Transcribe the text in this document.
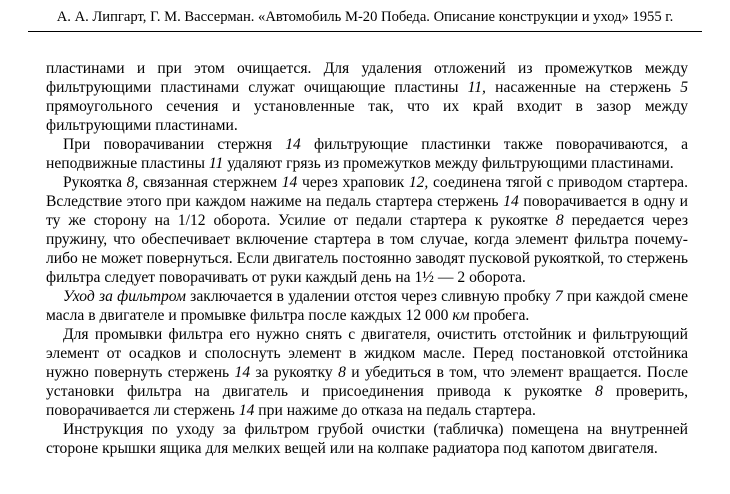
А. А. Липгарт, Г. М. Вассерман. «Автомобиль М-20 Победа. Описание конструкции и уход» 1955 г.

пластинами и при этом очищается. Для удаления отложений из промежутков между фильтрующими пластинами служат очищающие пластины 11, насаженные на стержень 5 прямоугольного сечения и установленные так, что их край входит в зазор между фильтрующими пластинами.

При поворачивании стержня 14 фильтрующие пластинки также поворачиваются, а неподвижные пластины 11 удаляют грязь из промежутков между фильтрующими пластинами.

Рукоятка 8, связанная стержнем 14 через храповик 12, соединена тягой с приводом стартера. Вследствие этого при каждом нажиме на педаль стартера стержень 14 поворачивается в одну и ту же сторону на 1/12 оборота. Усилие от педали стартера к рукоятке 8 передается через пружину, что обеспечивает включение стартера в том случае, когда элемент фильтра почему-либо не может повернуться. Если двигатель постоянно заводят пусковой рукояткой, то стержень фильтра следует поворачивать от руки каждый день на 1½ — 2 оборота.

Уход за фильтром заключается в удалении отстоя через сливную пробку 7 при каждой смене масла в двигателе и промывке фильтра после каждых 12 000 км пробега.

Для промывки фильтра его нужно снять с двигателя, очистить отстойник и фильтрующий элемент от осадков и сполоснуть элемент в жидком масле. Перед постановкой отстойника нужно повернуть стержень 14 за рукоятку 8 и убедиться в том, что элемент вращается. После установки фильтра на двигатель и присоединения привода к рукоятке 8 проверить, поворачивается ли стержень 14 при нажиме до отказа на педаль стартера.

Инструкция по уходу за фильтром грубой очистки (табличка) помещена на внутренней стороне крышки ящика для мелких вещей или на колпаке радиатора под капотом двигателя.
